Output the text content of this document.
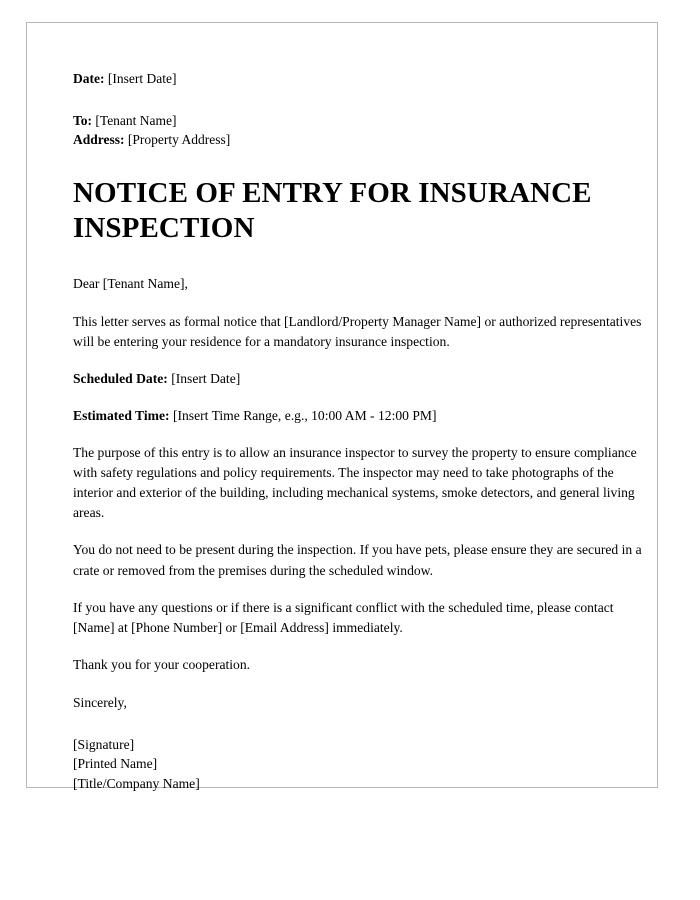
Date: [Insert Date]

To: [Tenant Name]

Address: [Property Address]

NOTICE OF ENTRY FOR INSURANCE INSPECTION

Dear [Tenant Name],

This letter serves as formal notice that [Landlord/Property Manager Name] or authorized representatives will be entering your residence for a mandatory insurance inspection.

Scheduled Date: [Insert Date]

Estimated Time: [Insert Time Range, e.g., 10:00 AM - 12:00 PM]

The purpose of this entry is to allow an insurance inspector to survey the property to ensure compliance with safety regulations and policy requirements. The inspector may need to take photographs of the interior and exterior of the building, including mechanical systems, smoke detectors, and general living areas.

You do not need to be present during the inspection. If you have pets, please ensure they are secured in a crate or removed from the premises during the scheduled window.

If you have any questions or if there is a significant conflict with the scheduled time, please contact [Name] at [Phone Number] or [Email Address] immediately.

Thank you for your cooperation.

Sincerely,

[Signature]
[Printed Name]
[Title/Company Name]
